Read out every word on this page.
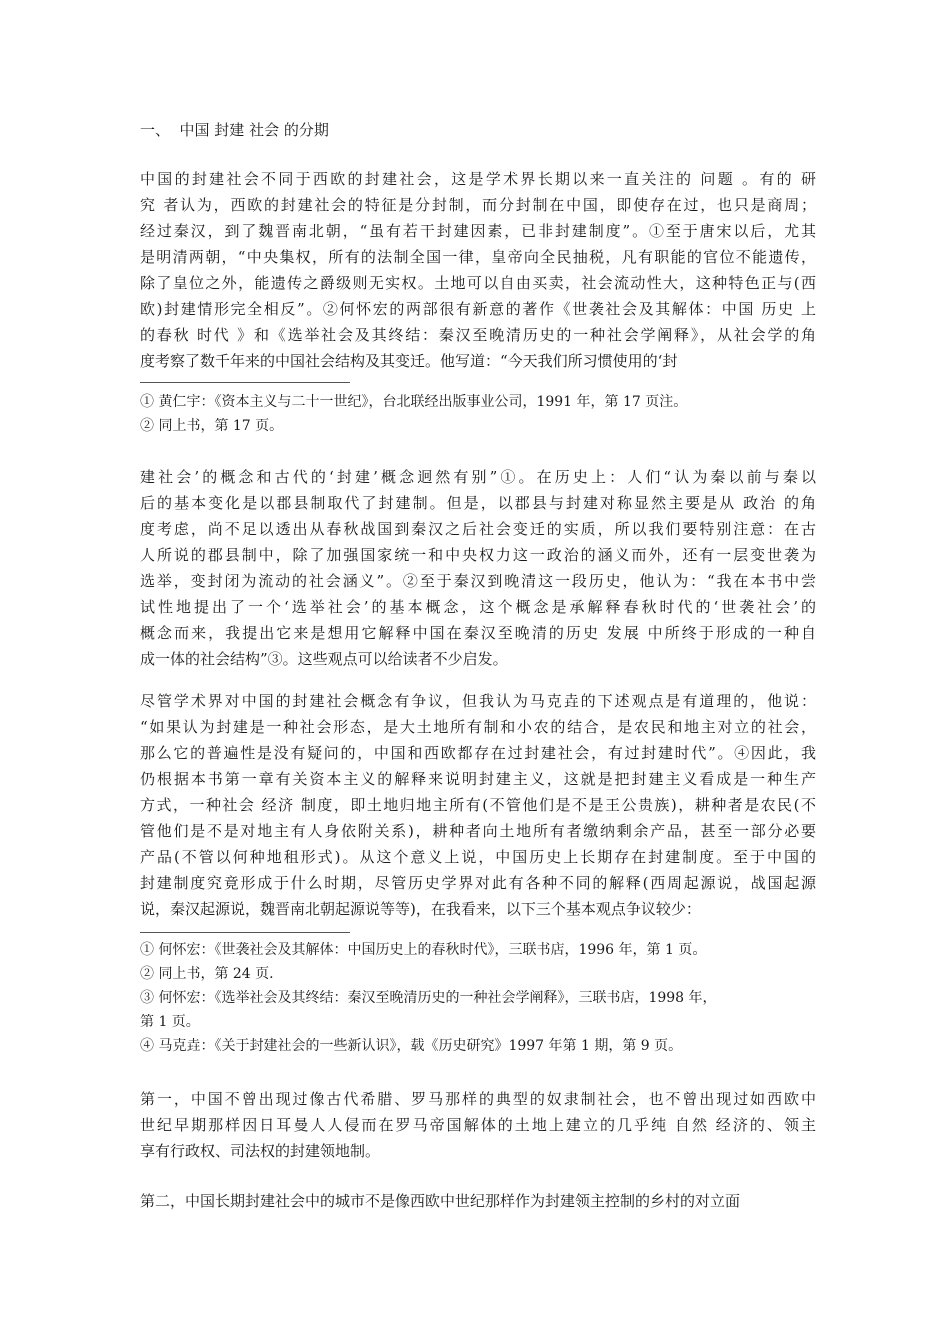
一、  中国 封建 社会 的分期
中国的封建社会不同于西欧的封建社会，这是学术界长期以来一直关注的 问题 。有的 研
究 者认为，西欧的封建社会的特征是分封制，而分封制在中国，即使存在过，也只是商周；
经过秦汉，到了魏晋南北朝，“虽有若干封建因素，已非封建制度”。①至于唐宋以后，尤其
是明清两朝，“中央集权，所有的法制全国一律，皇帝向全民抽税，凡有职能的官位不能遗传，
除了皇位之外，能遗传之爵级则无实权。土地可以自由买卖，社会流动性大，这种特色正与(西
欧)封建情形完全相反”。②何怀宏的两部很有新意的著作《世袭社会及其解体：中国 历史 上
的春秋 时代 》和《选举社会及其终结：秦汉至晚清历史的一种社会学阐释》，从社会学的角
度考察了数千年来的中国社会结构及其变迁。他写道：“今天我们所习惯使用的‘封
① 黄仁宇：《资本主义与二十一世纪》，台北联经出版事业公司，1991 年，第 17 页注。
② 同上书，第 17 页。
建社会’的概念和古代的‘封建’概念迥然有别”①。在历史上：人们“认为秦以前与秦以
后的基本变化是以郡县制取代了封建制。但是，以郡县与封建对称显然主要是从 政治 的角
度考虑，尚不足以透出从春秋战国到秦汉之后社会变迁的实质，所以我们要特别注意：在古
人所说的郡县制中，除了加强国家统一和中央权力这一政治的涵义而外，还有一层变世袭为
选举，变封闭为流动的社会涵义”。②至于秦汉到晚清这一段历史，他认为：“我在本书中尝
试性地提出了一个‘选举社会’的基本概念，这个概念是承解释春秋时代的‘世袭社会’的
概念而来，我提出它来是想用它解释中国在秦汉至晚清的历史 发展 中所终于形成的一种自
成一体的社会结构”③。这些观点可以给读者不少启发。
尽管学术界对中国的封建社会概念有争议，但我认为马克垚的下述观点是有道理的，他说：
“如果认为封建是一种社会形态，是大土地所有制和小农的结合，是农民和地主对立的社会，
那么它的普遍性是没有疑问的，中国和西欧都存在过封建社会，有过封建时代”。④因此，我
仍根据本书第一章有关资本主义的解释来说明封建主义，这就是把封建主义看成是一种生产
方式，一种社会 经济 制度，即土地归地主所有(不管他们是不是王公贵族)，耕种者是农民(不
管他们是不是对地主有人身依附关系)，耕种者向土地所有者缴纳剩余产品，甚至一部分必要
产品(不管以何种地租形式)。从这个意义上说，中国历史上长期存在封建制度。至于中国的
封建制度究竟形成于什么时期，尽管历史学界对此有各种不同的解释(西周起源说，战国起源
说，秦汉起源说，魏晋南北朝起源说等等)，在我看来，以下三个基本观点争议较少：
① 何怀宏：《世袭社会及其解体：中国历史上的春秋时代》，三联书店，1996 年，第 1 页。
② 同上书，第 24 页.
③ 何怀宏：《选举社会及其终结：秦汉至晚清历史的一种社会学阐释》，三联书店，1998 年，
第 1 页。
④ 马克垚：《关于封建社会的一些新认识》，载《历史研究》1997 年第 1 期，第 9 页。
第一，中国不曾出现过像古代希腊、罗马那样的典型的奴隶制社会，也不曾出现过如西欧中
世纪早期那样因日耳曼人人侵而在罗马帝国解体的土地上建立的几乎纯 自然 经济的、领主
享有行政权、司法权的封建领地制。
第二，中国长期封建社会中的城市不是像西欧中世纪那样作为封建领主控制的乡村的对立面
